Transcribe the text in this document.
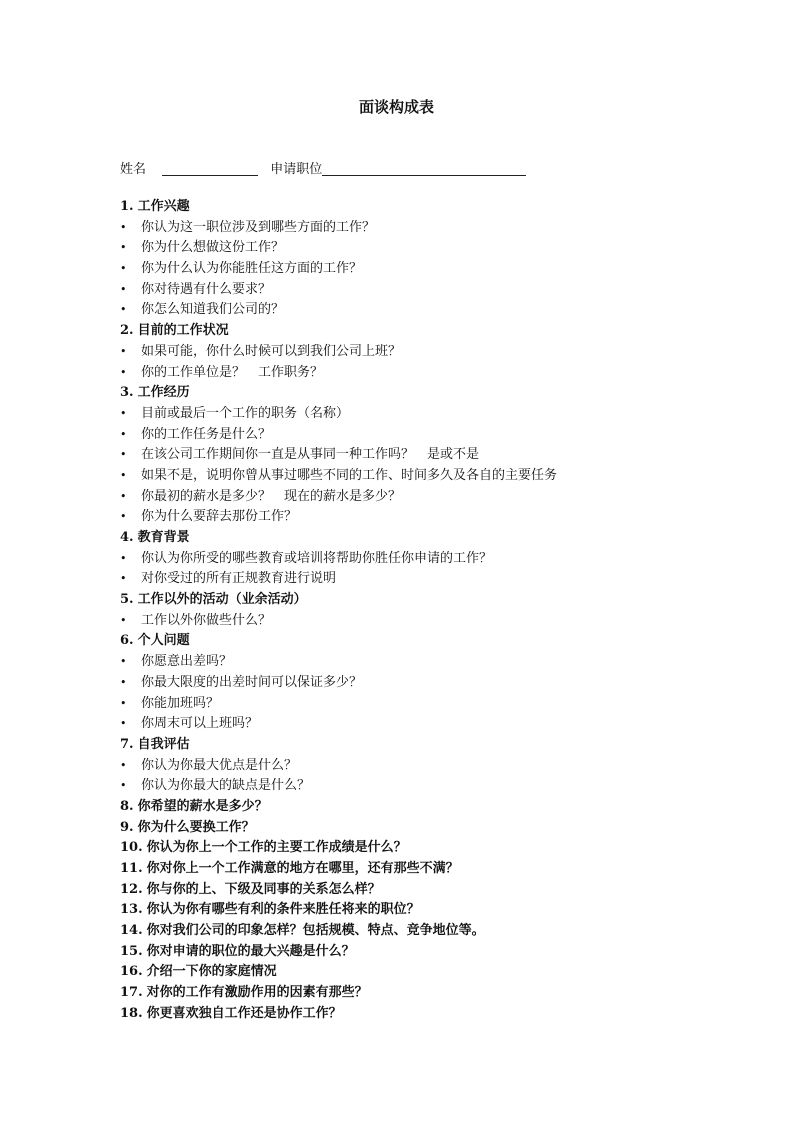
面谈构成表
姓名	申请职位
1. 工作兴趣
• 你认为这一职位涉及到哪些方面的工作？
• 你为什么想做这份工作？
• 你为什么认为你能胜任这方面的工作？
• 你对待遇有什么要求？
• 你怎么知道我们公司的？
2. 目前的工作状况
• 如果可能，你什么时候可以到我们公司上班？
• 你的工作单位是？　工作职务？
3. 工作经历
• 目前或最后一个工作的职务（名称）
• 你的工作任务是什么？
• 在该公司工作期间你一直是从事同一种工作吗？　是或不是
• 如果不是，说明你曾从事过哪些不同的工作、时间多久及各自的主要任务
• 你最初的薪水是多少？　现在的薪水是多少？
• 你为什么要辞去那份工作？
4. 教育背景
• 你认为你所受的哪些教育或培训将帮助你胜任你申请的工作？
• 对你受过的所有正规教育进行说明
5. 工作以外的活动（业余活动）
• 工作以外你做些什么？
6. 个人问题
• 你愿意出差吗？
• 你最大限度的出差时间可以保证多少？
• 你能加班吗？
• 你周末可以上班吗？
7. 自我评估
• 你认为你最大优点是什么？
• 你认为你最大的缺点是什么？
8. 你希望的薪水是多少？
9. 你为什么要换工作？
10. 你认为你上一个工作的主要工作成绩是什么？
11. 你对你上一个工作满意的地方在哪里，还有那些不满？
12. 你与你的上、下级及同事的关系怎么样？
13. 你认为你有哪些有利的条件来胜任将来的职位？
14. 你对我们公司的印象怎样？包括规模、特点、竞争地位等。
15. 你对申请的职位的最大兴趣是什么？
16. 介绍一下你的家庭情况
17. 对你的工作有激励作用的因素有那些？
18. 你更喜欢独自工作还是协作工作？
